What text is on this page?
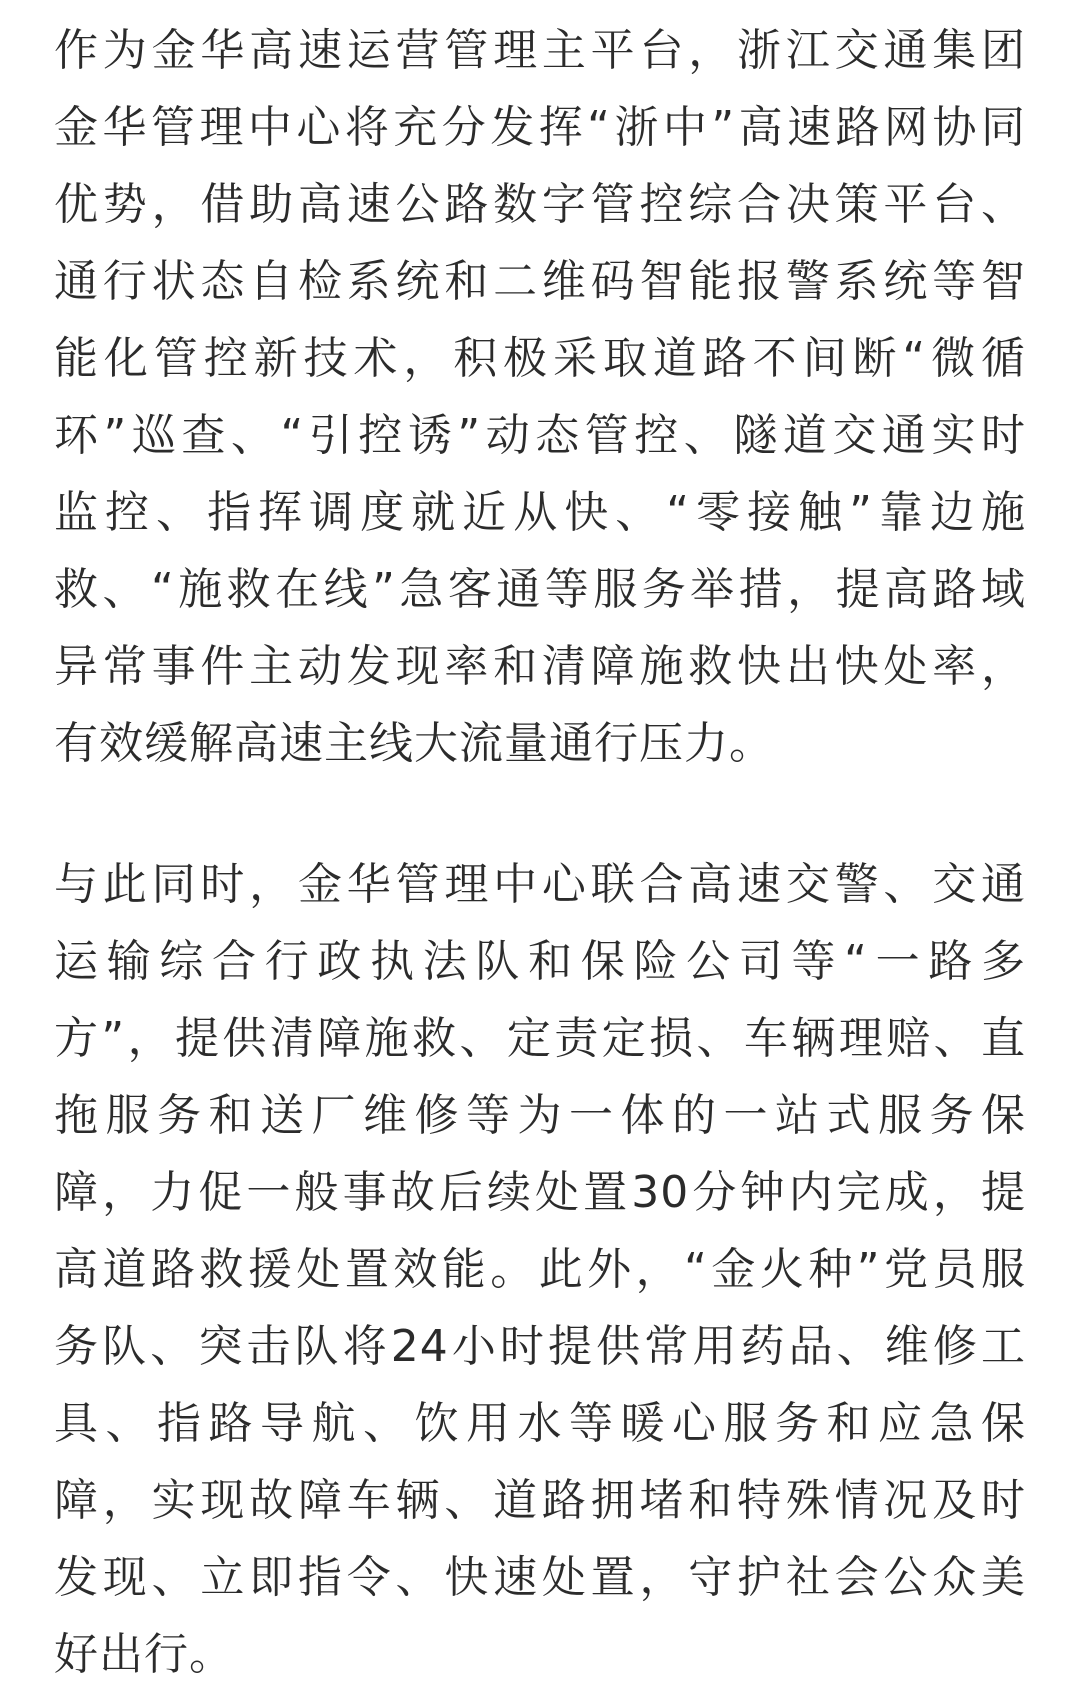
作为金华高速运营管理主平台，浙江交通集团
金华管理中心将充分发挥“浙中”高速路网协同
优势，借助高速公路数字管控综合决策平台、
通行状态自检系统和二维码智能报警系统等智
能化管控新技术，积极采取道路不间断“微循
环”巡查、“引控诱”动态管控、隧道交通实时
监控、指挥调度就近从快、“零接触”靠边施
救、“施救在线”急客通等服务举措，提高路域
异常事件主动发现率和清障施救快出快处率，
有效缓解高速主线大流量通行压力。
与此同时，金华管理中心联合高速交警、交通
运输综合行政执法队和保险公司等“一路多
方”，提供清障施救、定责定损、车辆理赔、直
拖服务和送厂维修等为一体的一站式服务保
障，力促一般事故后续处置30分钟内完成，提
高道路救援处置效能。此外，“金火种”党员服
务队、突击队将24小时提供常用药品、维修工
具、指路导航、饮用水等暖心服务和应急保
障，实现故障车辆、道路拥堵和特殊情况及时
发现、立即指令、快速处置，守护社会公众美
好出行。
